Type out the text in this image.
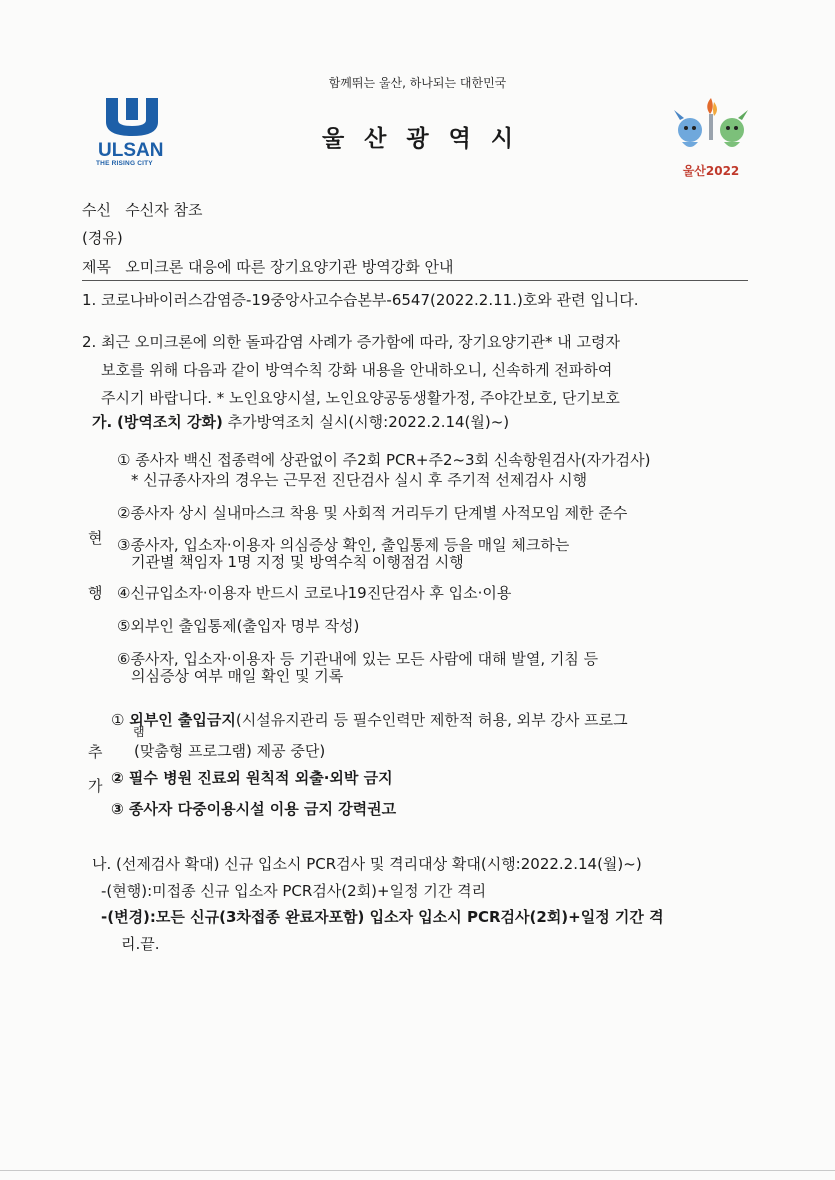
함께뛰는 울산, 하나되는 대한민국
울산광역시
ULSAN
THE RISING CITY
울산2022
수신 수신자 참조
(경유)
제목 오미크론 대응에 따른 장기요양기관 방역강화 안내
1. 코로나바이러스감염증-19중앙사고수습본부-6547(2022.2.11.)호와 관련 입니다.
2. 최근 오미크론에 의한 돌파감염 사례가 증가함에 따라, 장기요양기관* 내 고령자
보호를 위해 다음과 같이 방역수칙 강화 내용을 안내하오니, 신속하게 전파하여
주시기 바랍니다. * 노인요양시설, 노인요양공동생활가정, 주야간보호, 단기보호
가. (방역조치 강화) 추가방역조치 실시(시행:2022.2.14(월)~)
현
행
① 종사자 백신 접종력에 상관없이 주2회 PCR+주2~3회 신속항원검사(자가검사)
* 신규종사자의 경우는 근무전 진단검사 실시 후 주기적 선제검사 시행
②종사자 상시 실내마스크 착용 및 사회적 거리두기 단계별 사적모임 제한 준수
③종사자, 입소자·이용자 의심증상 확인, 출입통제 등을 매일 체크하는
기관별 책임자 1명 지정 및 방역수칙 이행점검 시행
④신규입소자·이용자 반드시 코로나19진단검사 후 입소·이용
⑤외부인 출입통제(출입자 명부 작성)
⑥종사자, 입소자·이용자 등 기관내에 있는 모든 사람에 대해 발열, 기침 등
의심증상 여부 매일 확인 및 기록
추
가
① 외부인 출입금지(시설유지관리 등 필수인력만 제한적 허용, 외부 강사 프로그
램
(맞춤형 프로그램) 제공 중단)
② 필수 병원 진료외 원칙적 외출·외박 금지
③ 종사자 다중이용시설 이용 금지 강력권고
나. (선제검사 확대) 신규 입소시 PCR검사 및 격리대상 확대(시행:2022.2.14(월)~)
-(현행):미접종 신규 입소자 PCR검사(2회)+일정 기간 격리
-(변경):모든 신규(3차접종 완료자포함) 입소자 입소시 PCR검사(2회)+일정 기간 격
리.끝.
